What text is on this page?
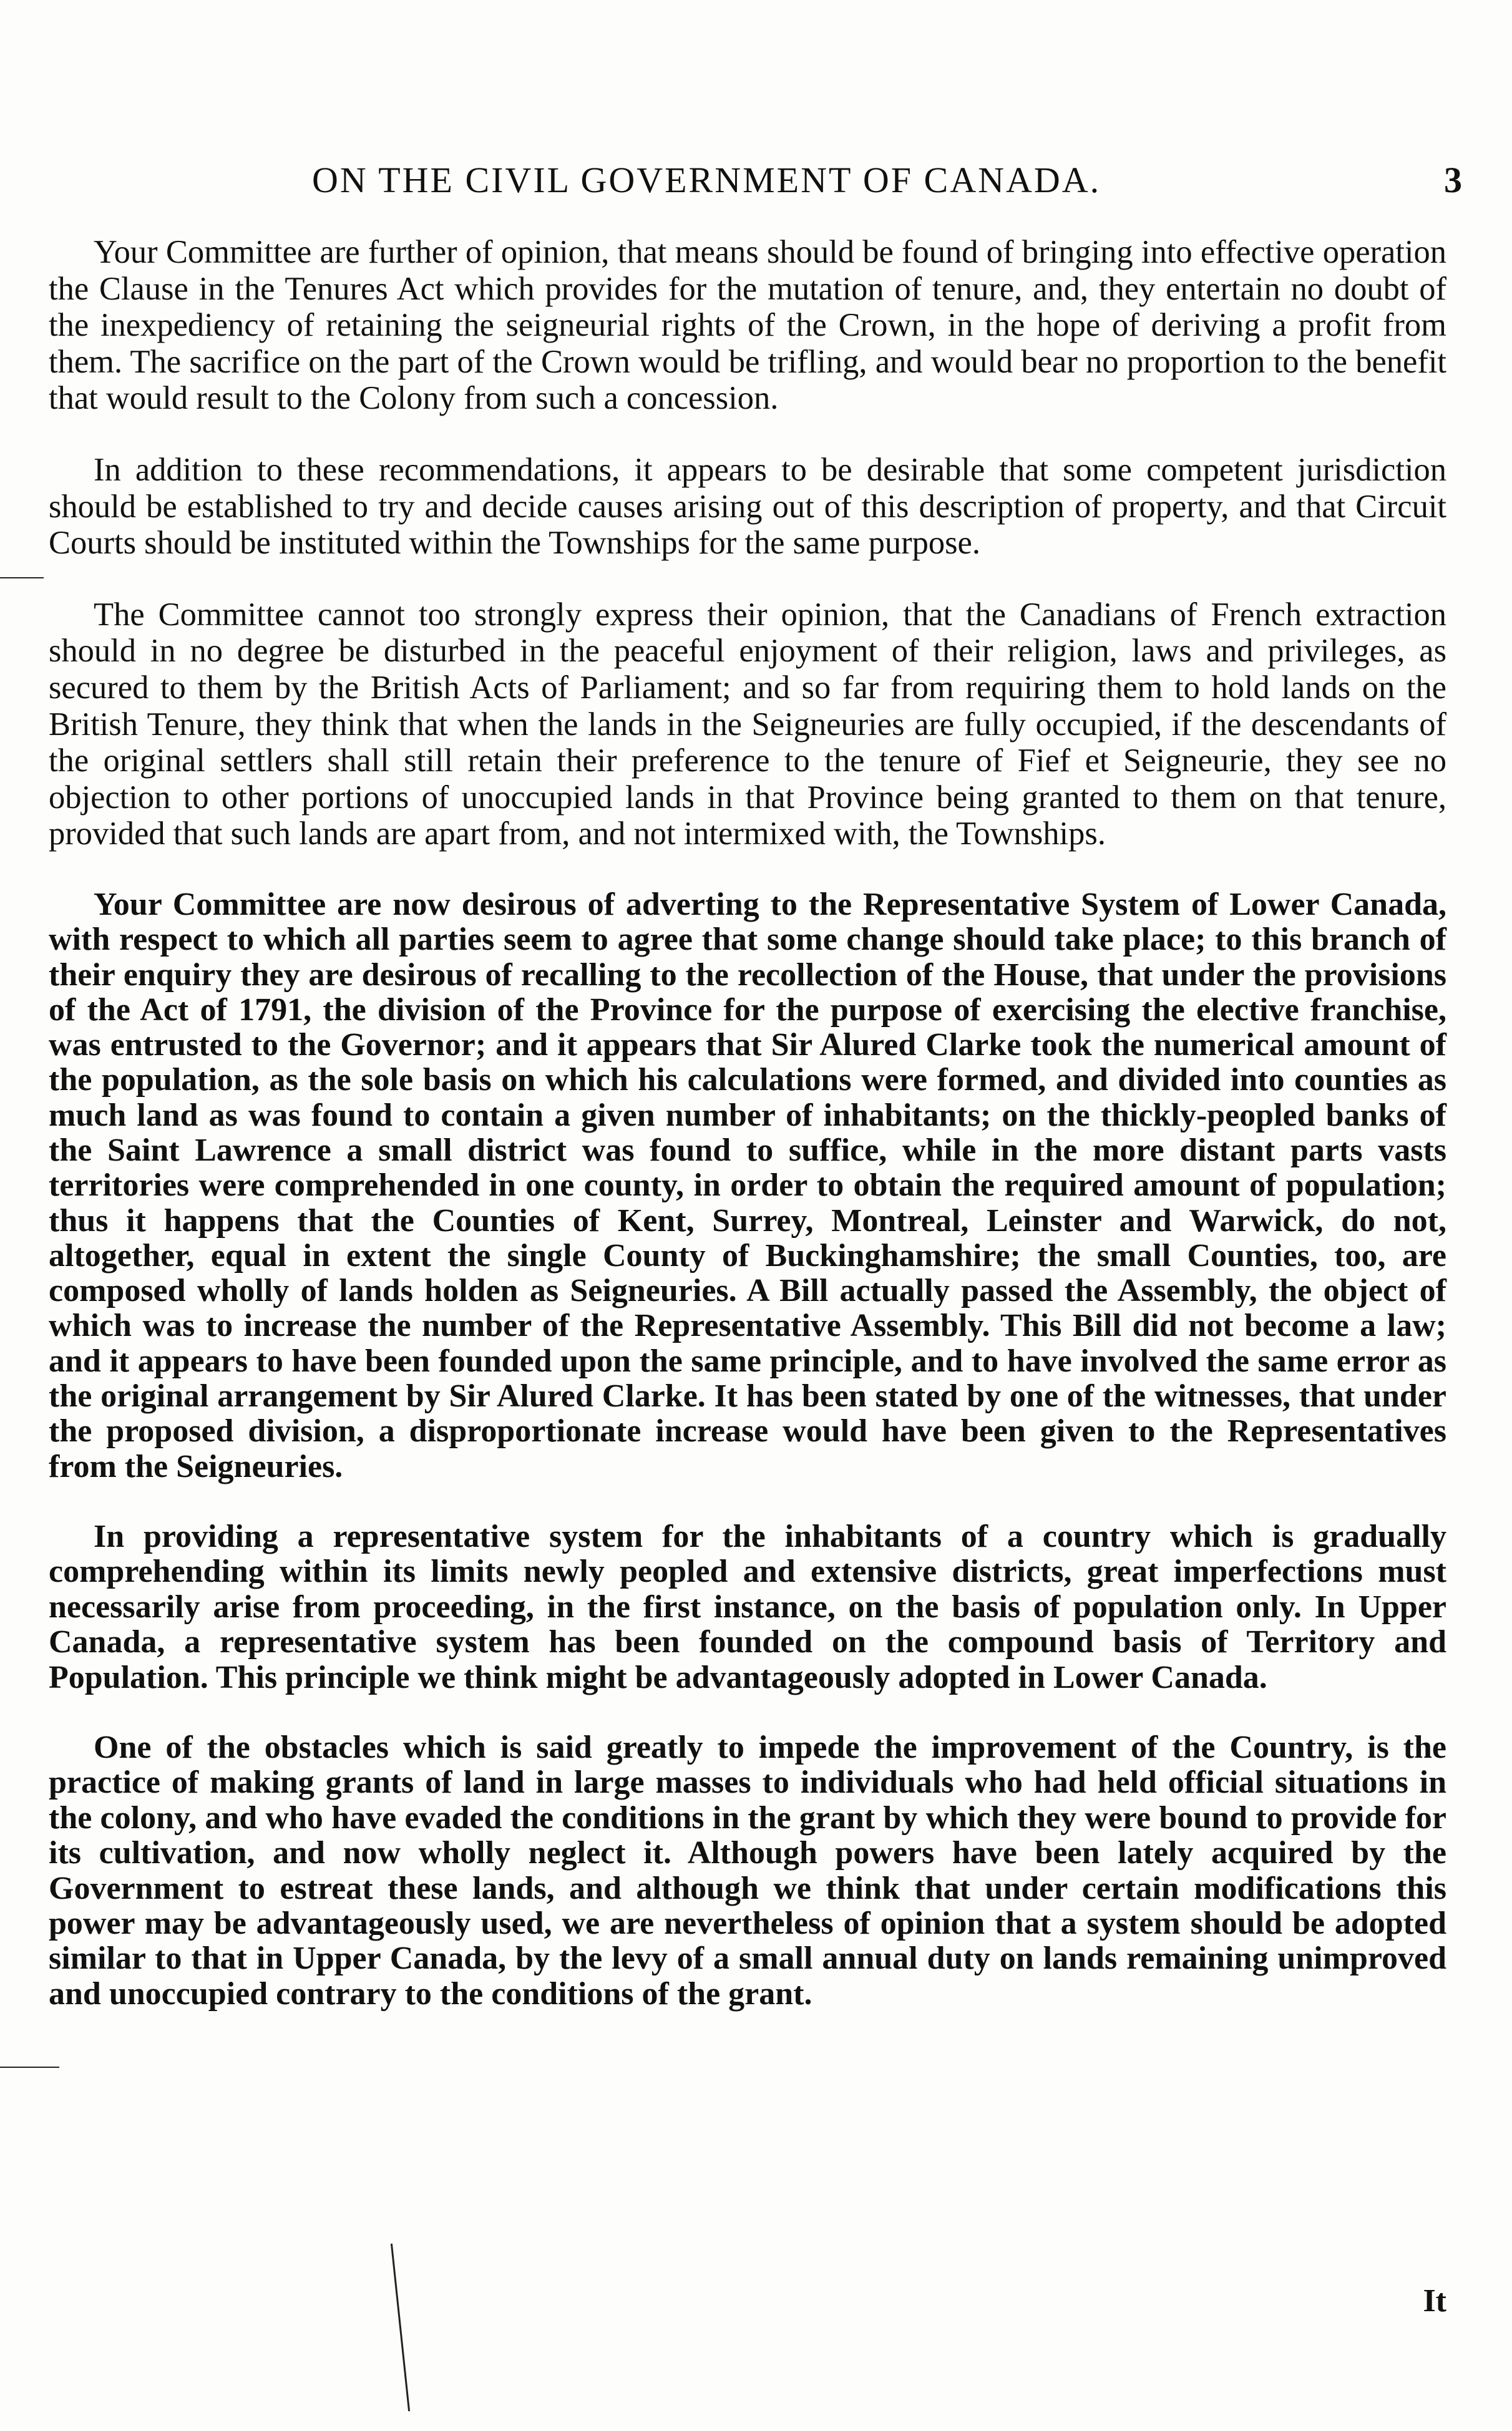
ON THE CIVIL GOVERNMENT OF CANADA.	3

Your Committee are further of opinion, that means should be found of bringing into effective operation the Clause in the Tenures Act which provides for the mutation of tenure, and, they entertain no doubt of the inexpediency of retaining the seigneurial rights of the Crown, in the hope of deriving a profit from them. The sacrifice on the part of the Crown would be trifling, and would bear no proportion to the benefit that would result to the Colony from such a concession.

In addition to these recommendations, it appears to be desirable that some competent jurisdiction should be established to try and decide causes arising out of this description of property, and that Circuit Courts should be instituted within the Townships for the same purpose.

The Committee cannot too strongly express their opinion, that the Canadians of French extraction should in no degree be disturbed in the peaceful enjoyment of their religion, laws and privileges, as secured to them by the British Acts of Parliament; and so far from requiring them to hold lands on the British Tenure, they think that when the lands in the Seigneuries are fully occupied, if the descendants of the original settlers shall still retain their preference to the tenure of Fief et Seigneurie, they see no objection to other portions of unoccupied lands in that Province being granted to them on that tenure, provided that such lands are apart from, and not intermixed with, the Townships.

Your Committee are now desirous of adverting to the Representative System of Lower Canada, with respect to which all parties seem to agree that some change should take place; to this branch of their enquiry they are desirous of recalling to the recollection of the House, that under the provisions of the Act of 1791, the division of the Province for the purpose of exercising the elective franchise, was entrusted to the Governor; and it appears that Sir Alured Clarke took the numerical amount of the population, as the sole basis on which his calculations were formed, and divided into counties as much land as was found to contain a given number of inhabitants; on the thickly-peopled banks of the Saint Lawrence a small district was found to suffice, while in the more distant parts vasts territories were comprehended in one county, in order to obtain the required amount of population; thus it happens that the Counties of Kent, Surrey, Montreal, Leinster and Warwick, do not, altogether, equal in extent the single County of Buckinghamshire; the small Counties, too, are composed wholly of lands holden as Seigneuries. A Bill actually passed the Assembly, the object of which was to increase the number of the Representative Assembly. This Bill did not become a law; and it appears to have been founded upon the same principle, and to have involved the same error as the original arrangement by Sir Alured Clarke. It has been stated by one of the witnesses, that under the proposed division, a disproportionate increase would have been given to the Representatives from the Seigneuries.

In providing a representative system for the inhabitants of a country which is gradually comprehending within its limits newly peopled and extensive districts, great imperfections must necessarily arise from proceeding, in the first instance, on the basis of population only. In Upper Canada, a representative system has been founded on the compound basis of Territory and Population. This principle we think might be advantageously adopted in Lower Canada.

One of the obstacles which is said greatly to impede the improvement of the Country, is the practice of making grants of land in large masses to individuals who had held official situations in the colony, and who have evaded the conditions in the grant by which they were bound to provide for its cultivation, and now wholly neglect it. Although powers have been lately acquired by the Government to estreat these lands, and although we think that under certain modifications this power may be advantageously used, we are nevertheless of opinion that a system should be adopted similar to that in Upper Canada, by the levy of a small annual duty on lands remaining unimproved and unoccupied contrary to the conditions of the grant.

It
